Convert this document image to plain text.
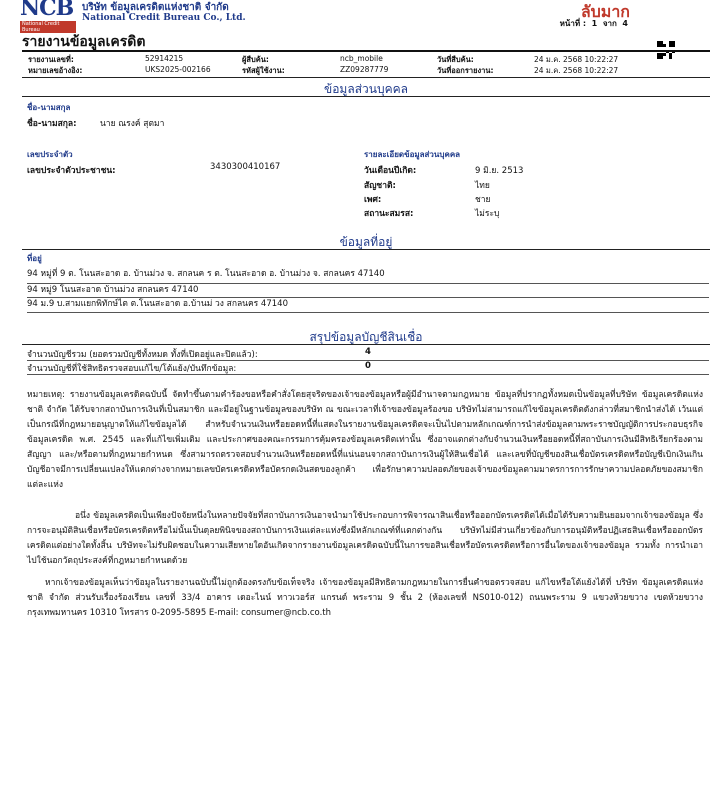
NCB
National Credit Bureau
บริษัท ข้อมูลเครดิตแห่งชาติ จำกัด
National Credit Bureau Co., Ltd.	ลับมาก
หน้าที่ : 1 จาก 4
รายงานข้อมูลเครดิต
รายงานเลขที่:	52914215	ผู้สืบค้น:	ncb_mobile	วันที่สืบค้น:	24 ม.ค. 2568 10:22:27
หมายเลขอ้างอิง:	UKS2025-002166	รหัสผู้ใช้งาน:	ZZ09287779	วันที่ออกรายงาน:	24 ม.ค. 2568 10:22:27
ข้อมูลส่วนบุคคล
ชื่อ-นามสกุล
ชื่อ-นามสกุล:	นาย ณรงค์ สุตมา
เลขประจำตัว
เลขประจำตัวประชาชน:	3430300410167
รายละเอียดข้อมูลส่วนบุคคล
วันเดือนปีเกิด:	9 มิ.ย. 2513
สัญชาติ:	ไทย
เพศ:	ชาย
สถานะสมรส:	ไม่ระบุ
ข้อมูลที่อยู่
ที่อยู่
94 หมู่ที่ 9 ต. โนนสะอาด อ. บ้านม่วง จ. สกลนค ร ต. โนนสะอาด อ. บ้านม่วง จ. สกลนคร 47140
94 หมู่9 โนนสะอาด บ้านม่วง สกลนคร 47140
94 ม.9 บ.สามแยกพิทักษ์ไต ต.โนนสะอาด อ.บ้านม่ วง สกลนคร 47140
สรุปข้อมูลบัญชีสินเชื่อ
จำนวนบัญชีรวม (ยอดรวมบัญชีทั้งหมด ทั้งที่เปิดอยู่และปิดแล้ว):	4
จำนวนบัญชีที่ใช้สิทธิตรวจสอบแก้ไข/โต้แย้ง/บันทึกข้อมูล:	0
หมายเหตุ: รายงานข้อมูลเครดิตฉบับนี้ จัดทำขึ้นตามคำร้องขอหรือคำสั่งโดยสุจริตของเจ้าของข้อมูลหรือผู้มีอำนาจตามกฎหมาย ข้อมูลที่ปรากฏทั้งหมดเป็นข้อมูลที่บริษัท ข้อมูลเครดิตแห่งชาติ จำกัด ได้รับจากสถาบันการเงินที่เป็นสมาชิก และมีอยู่ในฐานข้อมูลของบริษัท ณ ขณะเวลาที่เจ้าของข้อมูลร้องขอ บริษัทไม่สามารถแก้ไขข้อมูลเครดิตดังกล่าวที่สมาชิกนำส่งได้ เว้นแต่เป็นกรณีที่กฎหมายอนุญาตให้แก้ไขข้อมูลได้ สำหรับจำนวนเงินหรือยอดหนี้ที่แสดงในรายงานข้อมูลเครดิตจะเป็นไปตามหลักเกณฑ์การนำส่งข้อมูลตามพระราชบัญญัติการประกอบธุรกิจข้อมูลเครดิต พ.ศ. 2545 และที่แก้ไขเพิ่มเติม และประกาศของคณะกรรมการคุ้มครองข้อมูลเครดิตเท่านั้น ซึ่งอาจแตกต่างกับจำนวนเงินหรือยอดหนี้ที่สถาบันการเงินมีสิทธิเรียกร้องตามสัญญา และ/หรือตามที่กฎหมายกำหนด ซึ่งสามารถตรวจสอบจำนวนเงินหรือยอดหนี้ที่แน่นอนจากสถาบันการเงินผู้ให้สินเชื่อได้ และเลขที่บัญชีของสินเชื่อบัตรเครดิตหรือบัญชีเบิกเงินเกินบัญชีอาจมีการเปลี่ยนแปลงให้แตกต่างจากหมายเลขบัตรเครดิตหรือบัตรกดเงินสดของลูกค้า เพื่อรักษาความปลอดภัยของเจ้าของข้อมูลตามมาตรการการรักษาความปลอดภัยของสมาชิกแต่ละแห่ง
อนึ่ง ข้อมูลเครดิตเป็นเพียงปัจจัยหนึ่งในหลายปัจจัยที่สถาบันการเงินอาจนำมาใช้ประกอบการพิจารณาสินเชื่อหรือออกบัตรเครดิตได้เมื่อได้รับความยินยอมจากเจ้าของข้อมูล ซึ่งการจะอนุมัติสินเชื่อหรือบัตรเครดิตหรือไม่นั้นเป็นดุลยพินิจของสถาบันการเงินแต่ละแห่งซึ่งมีหลักเกณฑ์ที่แตกต่างกัน บริษัทไม่มีส่วนเกี่ยวข้องกับการอนุมัติหรือปฏิเสธสินเชื่อหรือออกบัตรเครดิตแต่อย่างใดทั้งสิ้น บริษัทจะไม่รับผิดชอบในความเสียหายใดอันเกิดจากรายงานข้อมูลเครดิตฉบับนี้ในการขอสินเชื่อหรือบัตรเครดิตหรือการอื่นใดของเจ้าของข้อมูล รวมทั้ง การนำเอาไปใช้นอกวัตถุประสงค์ที่กฎหมายกำหนดด้วย
หากเจ้าของข้อมูลเห็นว่าข้อมูลในรายงานฉบับนี้ไม่ถูกต้องตรงกับข้อเท็จจริง เจ้าของข้อมูลมีสิทธิตามกฎหมายในการยื่นคำขอตรวจสอบ แก้ไขหรือโต้แย้งได้ที่ บริษัท ข้อมูลเครดิตแห่งชาติ จำกัด ส่วนรับเรื่องร้องเรียน เลขที่ 33/4 อาคาร เดอะไนน์ ทาวเวอร์ส แกรนด์ พระราม 9 ชั้น 2 (ห้องเลขที่ NS010-012) ถนนพระราม 9 แขวงห้วยขวาง เขตห้วยขวาง กรุงเทพมหานคร 10310 โทรสาร 0-2095-5895 E-mail: consumer@ncb.co.th
